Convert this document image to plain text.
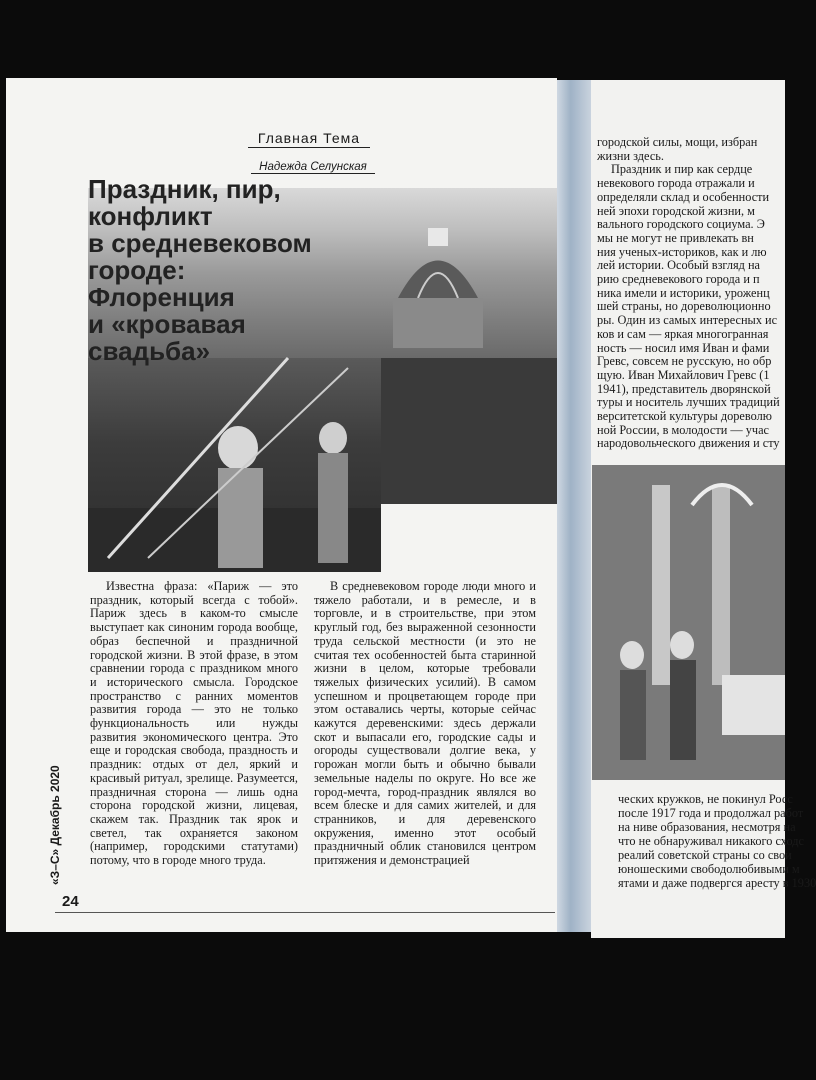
Главная Тема
Надежда Селунская
Праздник, пир,
конфликт
в средневековом
городе:
Флоренция
и «кровавая
свадьба»

Известна фраза: «Париж — это праздник, который всегда с тобой». Париж здесь в каком-то смысле выступает как синоним города вообще, образ беспечной и праздничной городской жизни. В этой фразе, в этом сравнении города с праздником много и исторического смысла. Городское пространство с ранних моментов развития города — это не только функциональность или нужды развития экономического центра. Это еще и городская свобода, праздность и праздник: отдых от дел, яркий и красивый ритуал, зрелище. Разумеется, праздничная сторона — лишь одна сторона городской жизни, лицевая, скажем так. Праздник так ярок и светел, так охраняется законом (например, городскими статутами) потому, что в городе много труда.

В средневековом городе люди много и тяжело работали, и в ремесле, и в торговле, и в строительстве, при этом круглый год, без выраженной сезонности труда сельской местности (и это не считая тех особенностей быта старинной жизни в целом, которые требовали тяжелых физических усилий). В самом успешном и процветающем городе при этом оставались черты, которые сейчас кажутся деревенскими: здесь держали скот и выпасали его, городские сады и огороды существовали долгие века, у горожан могли быть и обычно бывали земельные наделы по округе. Но все же город-мечта, город-праздник являлся во всем блеске и для самих жителей, и для странников, и для деревенского окружения, именно этот особый праздничный облик становился центром притяжения и демонстрацией

«З–С» Декабрь 2020
24
городской силы, мощи, избран
жизни здесь.
Праздник и пир как сердце
невекового города отражали и
определяли склад и особенности
ней эпохи городской жизни, м
вального городского социума. Э
мы не могут не привлекать вн
ния ученых-историков, как и лю
лей истории. Особый взгляд на
рию средневекового города и п
ника имели и историки, уроженц
шей страны, но дореволюционно
ры. Один из самых интересных ис
ков и сам — яркая многогранная
ность — носил имя Иван и фами
Гревс, совсем не русскую, но обр
щую. Иван Михайлович Гревс (1
1941), представитель дворянской
туры и носитель лучших традиций
верситетской культуры дореволю
ной России, в молодости — учас
народовольческого движения и сту
ческих кружков, не покинул Росс
после 1917 года и продолжал работ
на ниве образования, несмотря на
что не обнаруживал никакого сходс
реалий советской страны со свои
юношескими свободолюбивыми м
ятами и даже подвергся аресту в 1930
